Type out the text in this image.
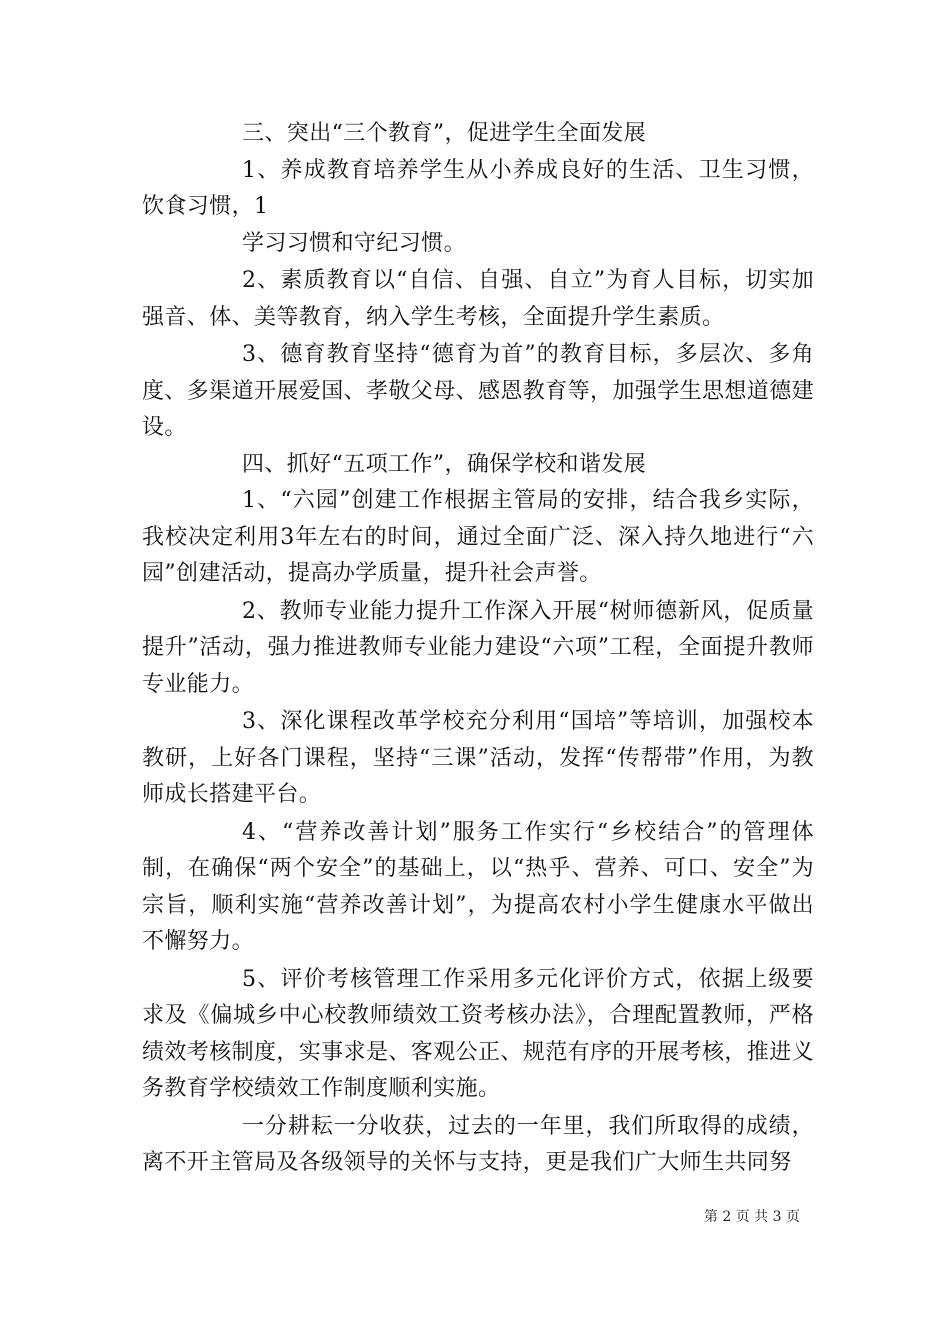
三、突出“三个教育”，促进学生全面发展

1、养成教育培养学生从小养成良好的生活、卫生习惯，饮食习惯，1

学习习惯和守纪习惯。

2、素质教育以“自信、自强、自立”为育人目标，切实加强音、体、美等教育，纳入学生考核，全面提升学生素质。

3、德育教育坚持“德育为首”的教育目标，多层次、多角度、多渠道开展爱国、孝敬父母、感恩教育等，加强学生思想道德建设。

四、抓好“五项工作”，确保学校和谐发展

1、“六园”创建工作根据主管局的安排，结合我乡实际，我校决定利用3年左右的时间，通过全面广泛、深入持久地进行“六园”创建活动，提高办学质量，提升社会声誉。

2、教师专业能力提升工作深入开展“树师德新风，促质量提升”活动，强力推进教师专业能力建设“六项”工程，全面提升教师专业能力。

3、深化课程改革学校充分利用“国培”等培训，加强校本教研，上好各门课程，坚持“三课”活动，发挥“传帮带”作用，为教师成长搭建平台。

4、“营养改善计划”服务工作实行“乡校结合”的管理体制，在确保“两个安全”的基础上，以“热乎、营养、可口、安全”为宗旨，顺利实施“营养改善计划”，为提高农村小学生健康水平做出不懈努力。

5、评价考核管理工作采用多元化评价方式，依据上级要求及《偏城乡中心校教师绩效工资考核办法》，合理配置教师，严格绩效考核制度，实事求是、客观公正、规范有序的开展考核，推进义务教育学校绩效工作制度顺利实施。

一分耕耘一分收获，过去的一年里，我们所取得的成绩，离不开主管局及各级领导的关怀与支持，更是我们广大师生共同努

第 2 页 共 3 页
